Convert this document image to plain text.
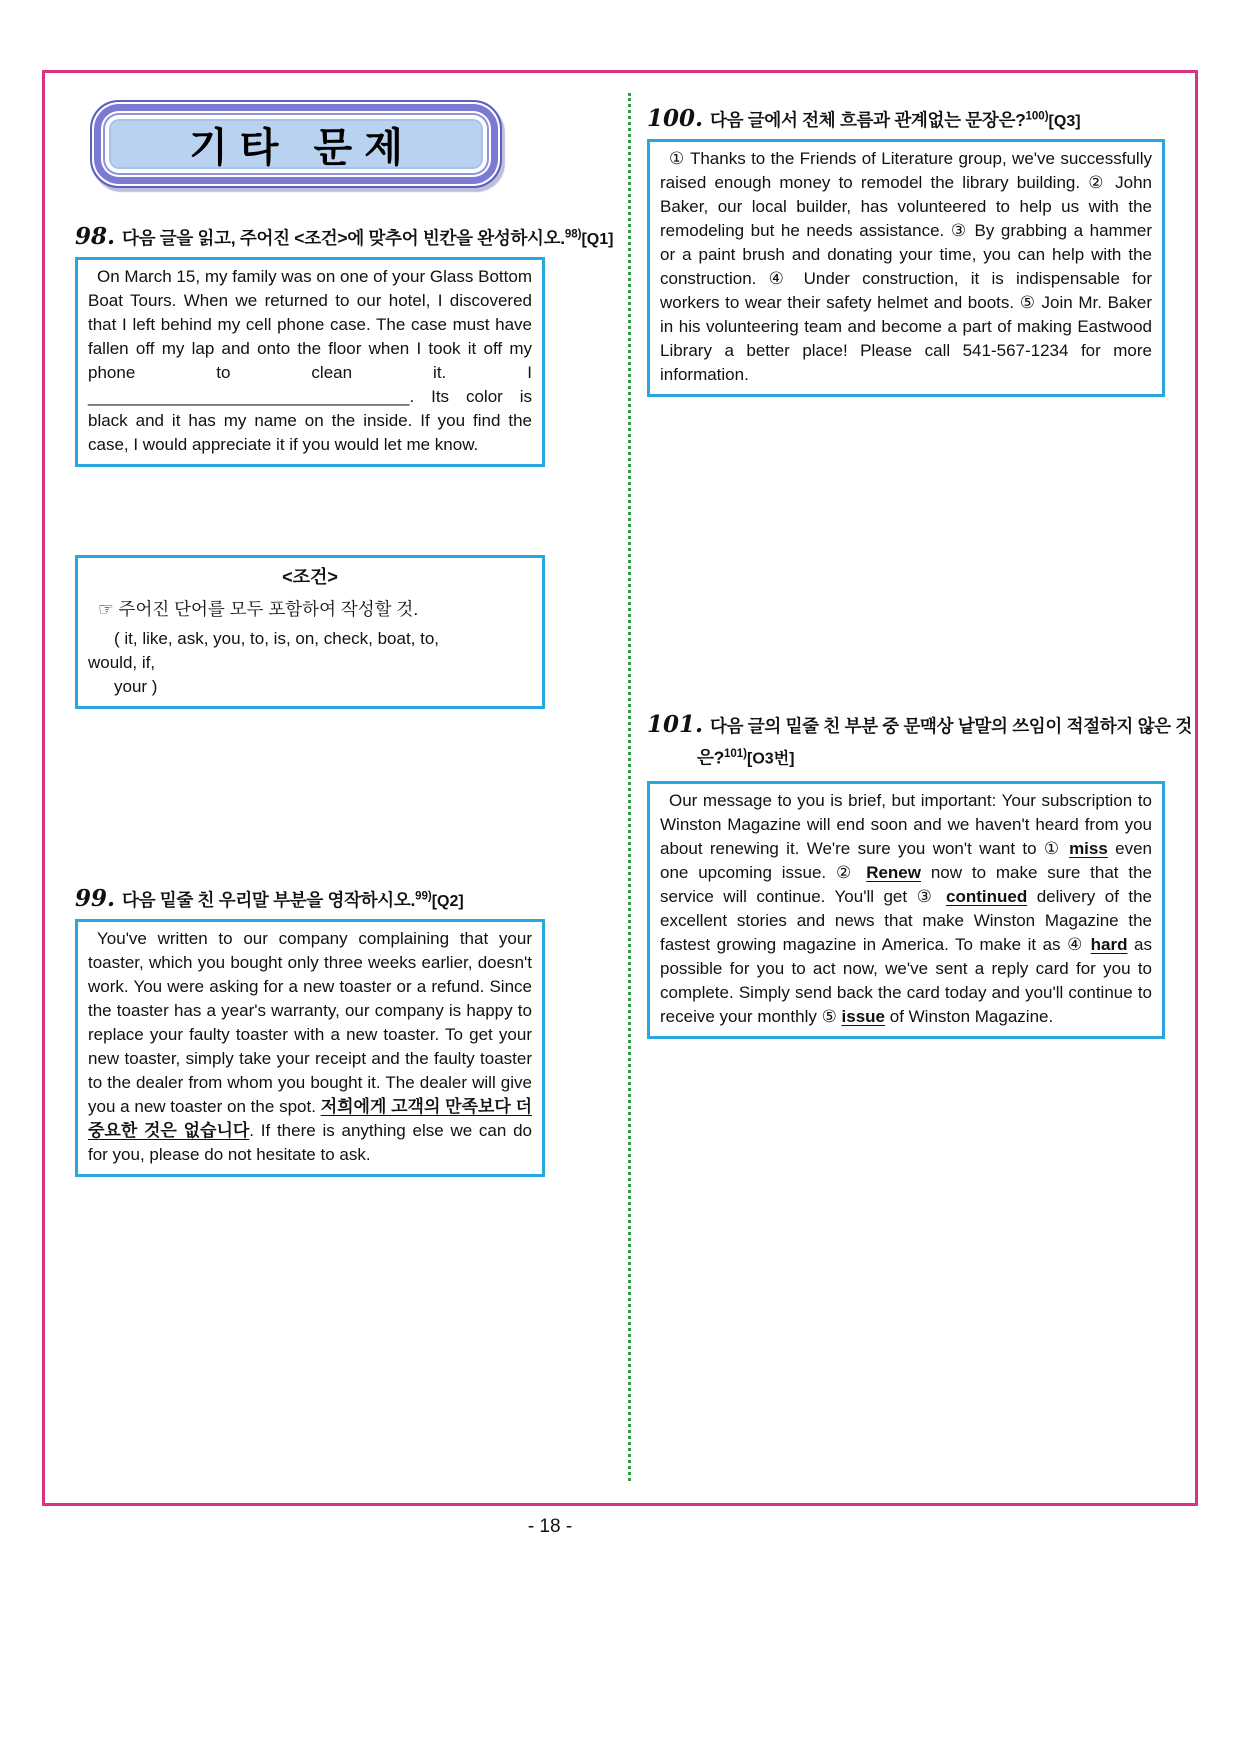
기타 문제
98. 다음 글을 읽고, 주어진 <조건>에 맞추어 빈칸을 완성하시오.$^{98)}$[Q1]

On March 15, my family was on one of your Glass Bottom Boat Tours. When we returned to our hotel, I discovered that I left behind my cell phone case. The case must have fallen off my lap and onto the floor when I took it off my phone to clean it. I __________________________________. Its color is black and it has my name on the inside. If you find the case, I would appreciate it if you would let me know.

<조건>
☞ 주어진 단어를 모두 포함하여 작성할 것.
( it, like, ask, you, to, is, on, check, boat, to,
would, if,
your )
99. 다음 밑줄 친 우리말 부분을 영작하시오.$^{99)}$[Q2]

You've written to our company complaining that your toaster, which you bought only three weeks earlier, doesn't work. You were asking for a new toaster or a refund. Since the toaster has a year's warranty, our company is happy to replace your faulty toaster with a new toaster. To get your new toaster, simply take your receipt and the faulty toaster to the dealer from whom you bought it. The dealer will give you a new toaster on the spot. 저희에게 고객의 만족보다 더 중요한 것은 없습니다. If there is anything else we can do for you, please do not hesitate to ask.

100. 다음 글에서 전체 흐름과 관계없는 문장은?$^{100)}$[Q3]

① Thanks to the Friends of Literature group, we've successfully raised enough money to remodel the library building. ② John Baker, our local builder, has volunteered to help us with the remodeling but he needs assistance. ③ By grabbing a hammer or a paint brush and donating your time, you can help with the construction. ④ Under construction, it is indispensable for workers to wear their safety helmet and boots. ⑤ Join Mr. Baker in his volunteering team and become a part of making Eastwood Library a better place! Please call 541-567-1234 for more information.

101. 다음 글의 밑줄 친 부분 중 문맥상 낱말의 쓰임이 적절하지 않은 것은?$^{101)}$[O3번]

Our message to you is brief, but important: Your subscription to Winston Magazine will end soon and we haven't heard from you about renewing it. We're sure you won't want to ① miss even one upcoming issue. ② Renew now to make sure that the service will continue. You'll get ③ continued delivery of the excellent stories and news that make Winston Magazine the fastest growing magazine in America. To make it as ④ hard as possible for you to act now, we've sent a reply card for you to complete. Simply send back the card today and you'll continue to receive your monthly ⑤ issue of Winston Magazine.

- 18 -
